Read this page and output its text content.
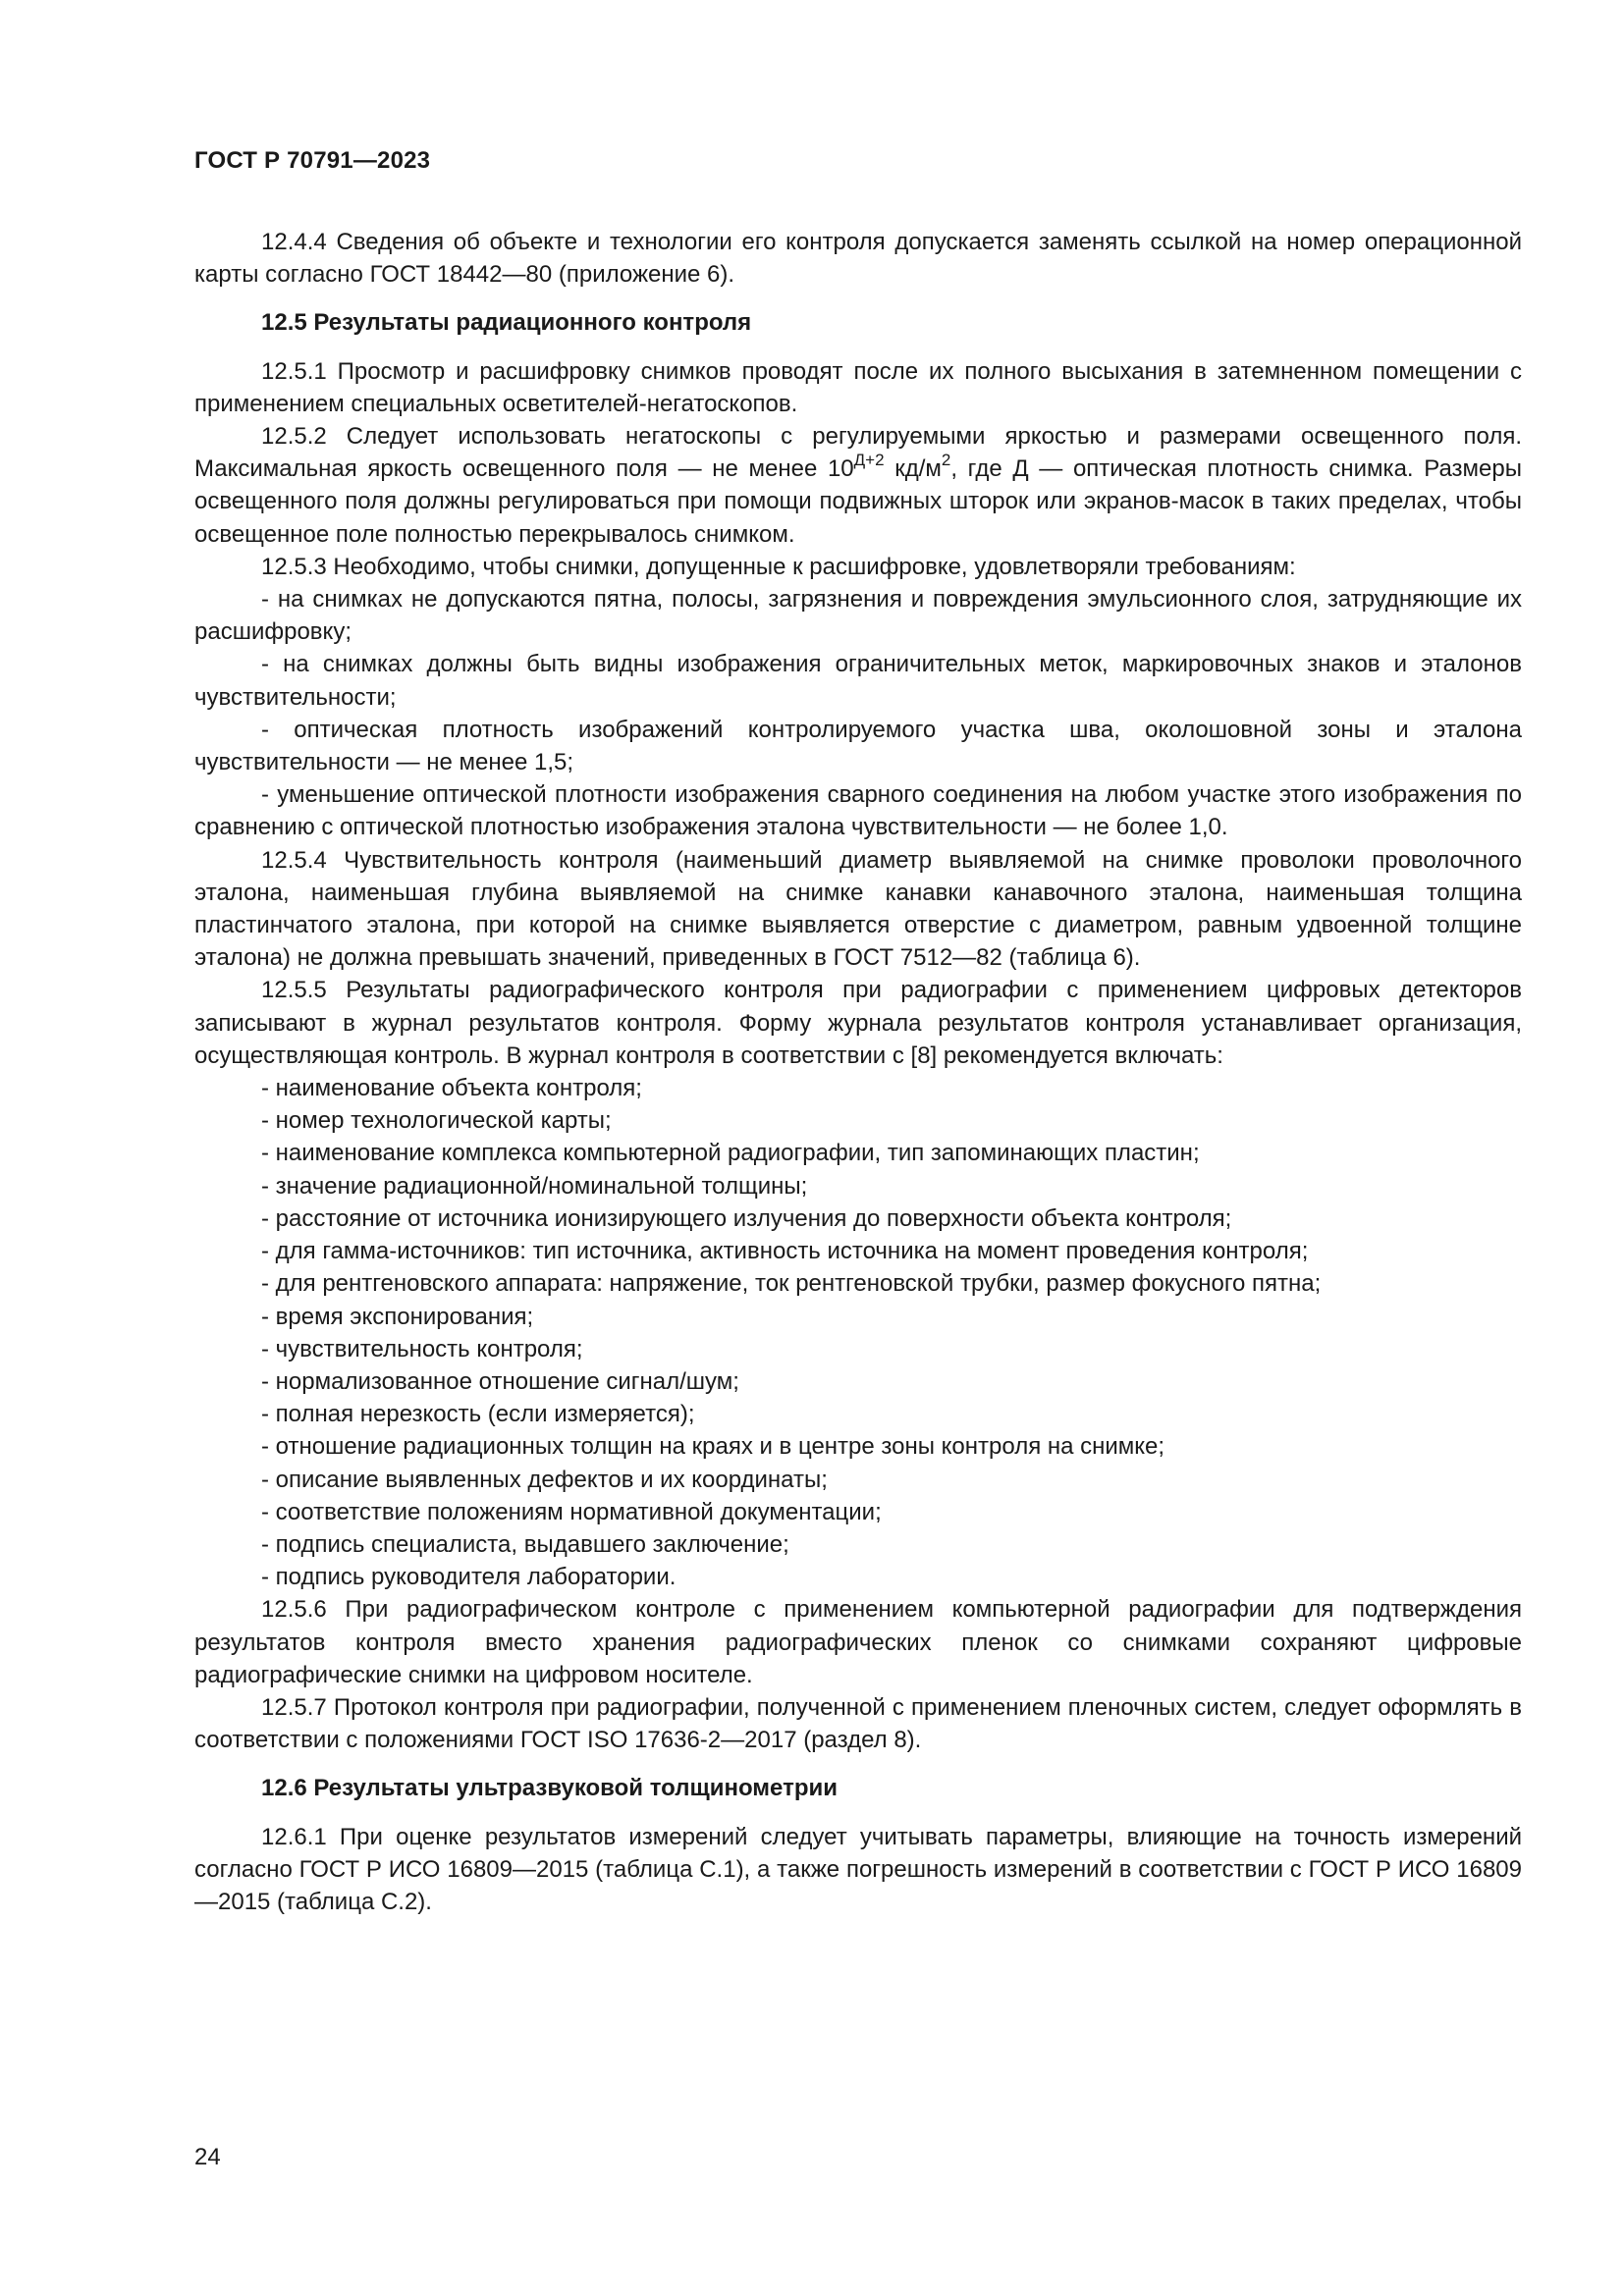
ГОСТ Р 70791—2023

12.4.4 Сведения об объекте и технологии его контроля допускается заменять ссылкой на номер операционной карты согласно ГОСТ 18442—80 (приложение 6).

12.5 Результаты радиационного контроля

12.5.1 Просмотр и расшифровку снимков проводят после их полного высыхания в затемненном помещении с применением специальных осветителей-негатоскопов.

12.5.2 Следует использовать негатоскопы с регулируемыми яркостью и размерами освещенного поля. Максимальная яркость освещенного поля — не менее $10^{Д+2}$ $кд/м^2$, где Д — оптическая плотность снимка. Размеры освещенного поля должны регулироваться при помощи подвижных шторок или экранов-масок в таких пределах, чтобы освещенное поле полностью перекрывалось снимком.

12.5.3 Необходимо, чтобы снимки, допущенные к расшифровке, удовлетворяли требованиям:

- на снимках не допускаются пятна, полосы, загрязнения и повреждения эмульсионного слоя, затрудняющие их расшифровку;

- на снимках должны быть видны изображения ограничительных меток, маркировочных знаков и эталонов чувствительности;

- оптическая плотность изображений контролируемого участка шва, околошовной зоны и эталона чувствительности — не менее 1,5;

- уменьшение оптической плотности изображения сварного соединения на любом участке этого изображения по сравнению с оптической плотностью изображения эталона чувствительности — не более 1,0.

12.5.4 Чувствительность контроля (наименьший диаметр выявляемой на снимке проволоки проволочного эталона, наименьшая глубина выявляемой на снимке канавки канавочного эталона, наименьшая толщина пластинчатого эталона, при которой на снимке выявляется отверстие с диаметром, равным удвоенной толщине эталона) не должна превышать значений, приведенных в ГОСТ 7512—82 (таблица 6).

12.5.5 Результаты радиографического контроля при радиографии с применением цифровых детекторов записывают в журнал результатов контроля. Форму журнала результатов контроля устанавливает организация, осуществляющая контроль. В журнал контроля в соответствии с [8] рекомендуется включать:

- наименование объекта контроля;

- номер технологической карты;

- наименование комплекса компьютерной радиографии, тип запоминающих пластин;

- значение радиационной/номинальной толщины;

- расстояние от источника ионизирующего излучения до поверхности объекта контроля;

- для гамма-источников: тип источника, активность источника на момент проведения контроля;

- для рентгеновского аппарата: напряжение, ток рентгеновской трубки, размер фокусного пятна;

- время экспонирования;

- чувствительность контроля;

- нормализованное отношение сигнал/шум;

- полная нерезкость (если измеряется);

- отношение радиационных толщин на краях и в центре зоны контроля на снимке;

- описание выявленных дефектов и их координаты;

- соответствие положениям нормативной документации;

- подпись специалиста, выдавшего заключение;

- подпись руководителя лаборатории.

12.5.6 При радиографическом контроле с применением компьютерной радиографии для подтверждения результатов контроля вместо хранения радиографических пленок со снимками сохраняют цифровые радиографические снимки на цифровом носителе.

12.5.7 Протокол контроля при радиографии, полученной с применением пленочных систем, следует оформлять в соответствии с положениями ГОСТ ISO 17636-2—2017 (раздел 8).

12.6 Результаты ультразвуковой толщинометрии

12.6.1 При оценке результатов измерений следует учитывать параметры, влияющие на точность измерений согласно ГОСТ Р ИСО 16809—2015 (таблица С.1), а также погрешность измерений в соответствии с ГОСТ Р ИСО 16809—2015 (таблица С.2).

24
